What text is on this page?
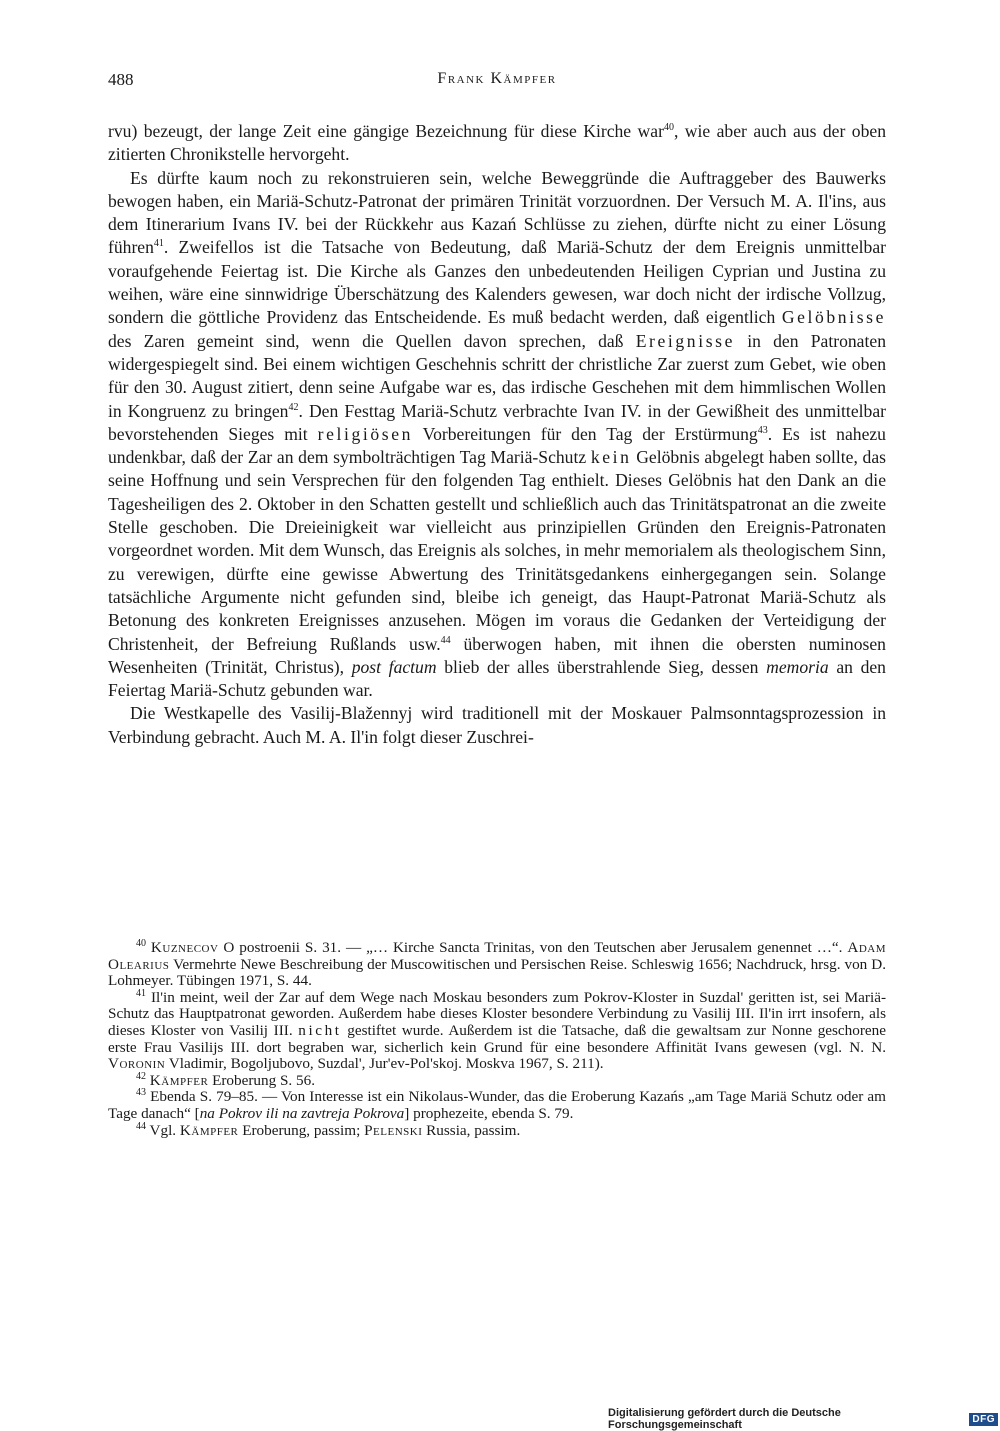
488	Frank Kämpfer

rvu) bezeugt, der lange Zeit eine gängige Bezeichnung für diese Kirche war$^{40}$, wie aber auch aus der oben zitierten Chronikstelle hervorgeht.

Es dürfte kaum noch zu rekonstruieren sein, welche Beweggründe die Auftraggeber des Bauwerks bewogen haben, ein Mariä-Schutz-Patronat der primären Trinität vorzuordnen. Der Versuch M. A. Il'ins, aus dem Itinerarium Ivans IV. bei der Rückkehr aus Kazań Schlüsse zu ziehen, dürfte nicht zu einer Lösung führen$^{41}$. Zweifellos ist die Tatsache von Bedeutung, daß Mariä-Schutz der dem Ereignis unmittelbar voraufgehende Feiertag ist. Die Kirche als Ganzes den unbedeutenden Heiligen Cyprian und Justina zu weihen, wäre eine sinnwidrige Überschätzung des Kalenders gewesen, war doch nicht der irdische Vollzug, sondern die göttliche Providenz das Entscheidende. Es muß bedacht werden, daß eigentlich Gelöbnisse des Zaren gemeint sind, wenn die Quellen davon sprechen, daß Ereignisse in den Patronaten widergespiegelt sind. Bei einem wichtigen Geschehnis schritt der christliche Zar zuerst zum Gebet, wie oben für den 30. August zitiert, denn seine Aufgabe war es, das irdische Geschehen mit dem himmlischen Wollen in Kongruenz zu bringen$^{42}$. Den Festtag Mariä-Schutz verbrachte Ivan IV. in der Gewißheit des unmittelbar bevorstehenden Sieges mit religiösen Vorbereitungen für den Tag der Erstürmung$^{43}$. Es ist nahezu undenkbar, daß der Zar an dem symbolträchtigen Tag Mariä-Schutz kein Gelöbnis abgelegt haben sollte, das seine Hoffnung und sein Versprechen für den folgenden Tag enthielt. Dieses Gelöbnis hat den Dank an die Tagesheiligen des 2. Oktober in den Schatten gestellt und schließlich auch das Trinitätspatronat an die zweite Stelle geschoben. Die Dreieinigkeit war vielleicht aus prinzipiellen Gründen den Ereignis-Patronaten vorgeordnet worden. Mit dem Wunsch, das Ereignis als solches, in mehr memorialem als theologischem Sinn, zu verewigen, dürfte eine gewisse Abwertung des Trinitätsgedankens einhergegangen sein. Solange tatsächliche Argumente nicht gefunden sind, bleibe ich geneigt, das Haupt-Patronat Mariä-Schutz als Betonung des konkreten Ereignisses anzusehen. Mögen im voraus die Gedanken der Verteidigung der Christenheit, der Befreiung Rußlands usw.$^{44}$ überwogen haben, mit ihnen die obersten numinosen Wesenheiten (Trinität, Christus), post factum blieb der alles überstrahlende Sieg, dessen memoria an den Feiertag Mariä-Schutz gebunden war.

Die Westkapelle des Vasilij-Blažennyj wird traditionell mit der Moskauer Palmsonntagsprozession in Verbindung gebracht. Auch M. A. Il'in folgt dieser Zuschrei-

$^{40}$ Kuznecov O postroenii S. 31. — „… Kirche Sancta Trinitas, von den Teutschen aber Jerusalem genennet …“. Adam Olearius Vermehrte Newe Beschreibung der Muscowitischen und Persischen Reise. Schleswig 1656; Nachdruck, hrsg. von D. Lohmeyer. Tübingen 1971, S. 44.

$^{41}$ Il'in meint, weil der Zar auf dem Wege nach Moskau besonders zum Pokrov-Kloster in Suzdal' geritten ist, sei Mariä-Schutz das Hauptpatronat geworden. Außerdem habe dieses Kloster besondere Verbindung zu Vasilij III. Il'in irrt insofern, als dieses Kloster von Vasilij III. nicht gestiftet wurde. Außerdem ist die Tatsache, daß die gewaltsam zur Nonne geschorene erste Frau Vasilijs III. dort begraben war, sicherlich kein Grund für eine besondere Affinität Ivans gewesen (vgl. N. N. Voronin Vladimir, Bogoljubovo, Suzdal', Jur'ev-Pol'skoj. Moskva 1967, S. 211).

$^{42}$ Kämpfer Eroberung S. 56.

$^{43}$ Ebenda S. 79–85. — Von Interesse ist ein Nikolaus-Wunder, das die Eroberung Kazańs „am Tage Mariä Schutz oder am Tage danach“ [na Pokrov ili na zavtreja Pokrova] prophezeite, ebenda S. 79.

$^{44}$ Vgl. Kämpfer Eroberung, passim; Pelenski Russia, passim.

Digitalisierung gefördert durch die Deutsche Forschungsgemeinschaft	DFG
